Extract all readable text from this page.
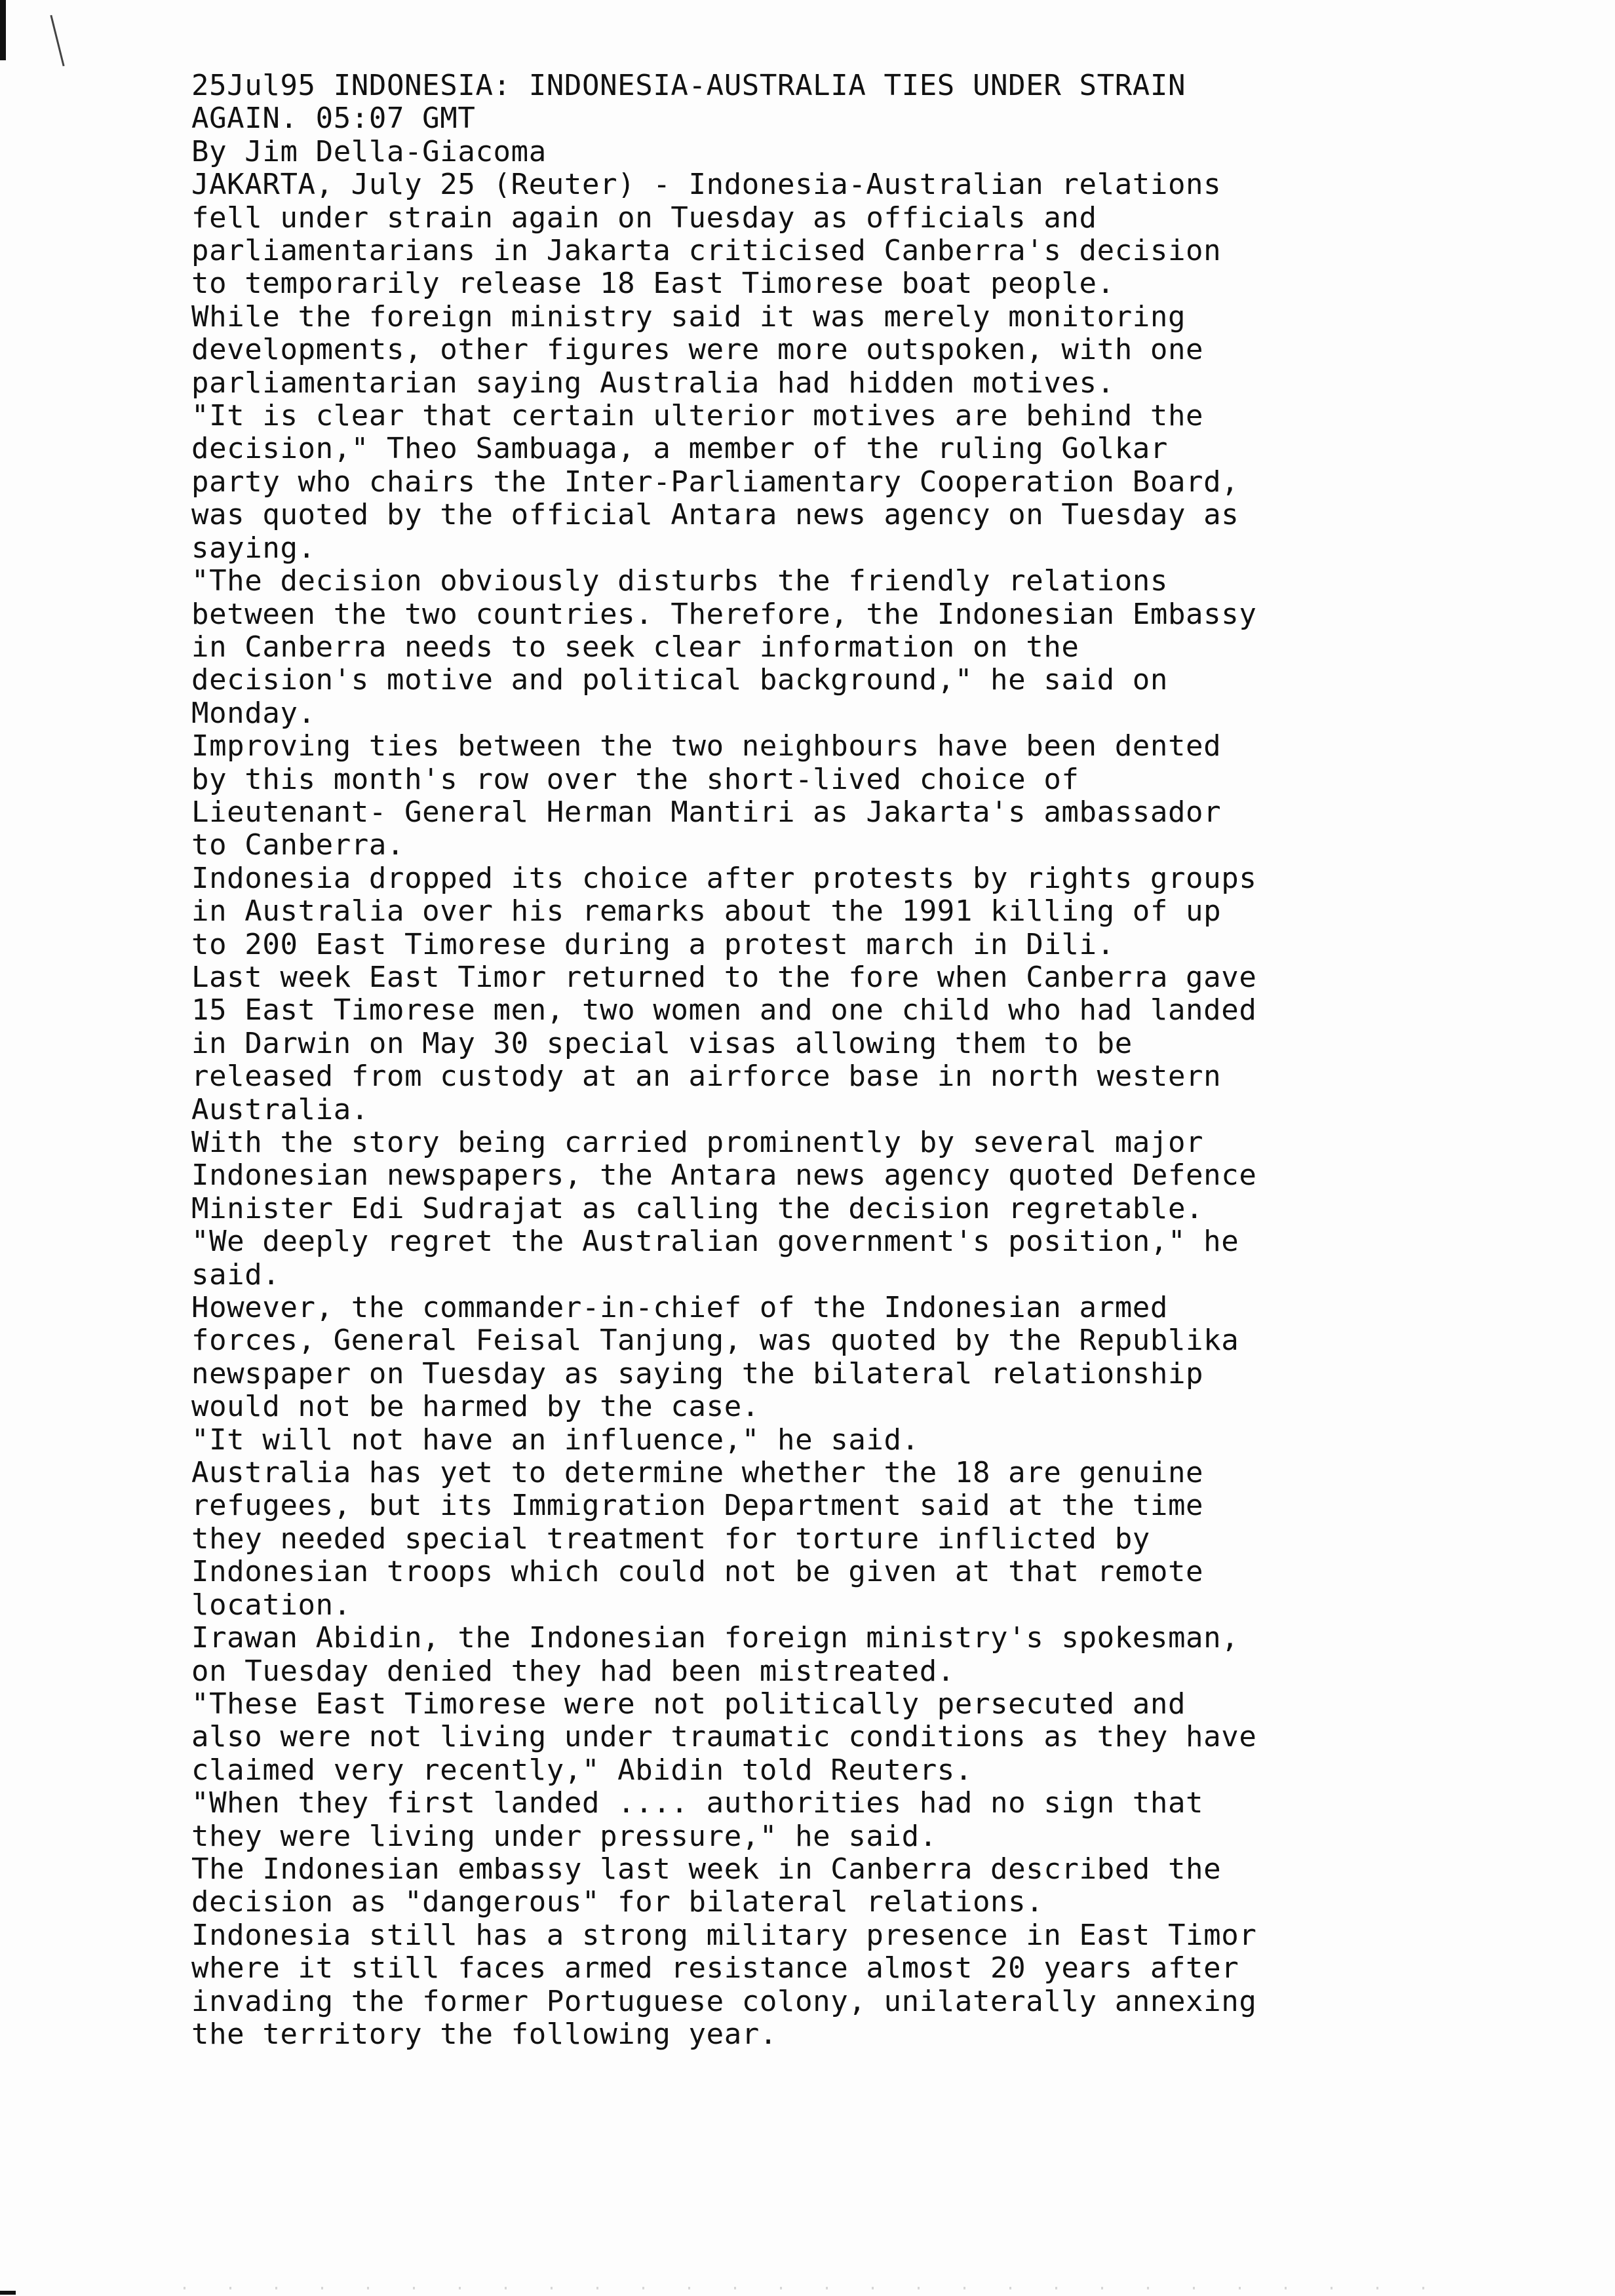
25Jul95 INDONESIA: INDONESIA-AUSTRALIA TIES UNDER STRAIN
AGAIN. 05:07 GMT
By Jim Della-Giacoma
JAKARTA, July 25 (Reuter) - Indonesia-Australian relations
fell under strain again on Tuesday as officials and
parliamentarians in Jakarta criticised Canberra's decision
to temporarily release 18 East Timorese boat people.
While the foreign ministry said it was merely monitoring
developments, other figures were more outspoken, with one
parliamentarian saying Australia had hidden motives.
"It is clear that certain ulterior motives are behind the
decision," Theo Sambuaga, a member of the ruling Golkar
party who chairs the Inter-Parliamentary Cooperation Board,
was quoted by the official Antara news agency on Tuesday as
saying.
"The decision obviously disturbs the friendly relations
between the two countries. Therefore, the Indonesian Embassy
in Canberra needs to seek clear information on the
decision's motive and political background," he said on
Monday.
Improving ties between the two neighbours have been dented
by this month's row over the short-lived choice of
Lieutenant- General Herman Mantiri as Jakarta's ambassador
to Canberra.
Indonesia dropped its choice after protests by rights groups
in Australia over his remarks about the 1991 killing of up
to 200 East Timorese during a protest march in Dili.
Last week East Timor returned to the fore when Canberra gave
15 East Timorese men, two women and one child who had landed
in Darwin on May 30 special visas allowing them to be
released from custody at an airforce base in north western
Australia.
With the story being carried prominently by several major
Indonesian newspapers, the Antara news agency quoted Defence
Minister Edi Sudrajat as calling the decision regretable.
"We deeply regret the Australian government's position," he
said.
However, the commander-in-chief of the Indonesian armed
forces, General Feisal Tanjung, was quoted by the Republika
newspaper on Tuesday as saying the bilateral relationship
would not be harmed by the case.
"It will not have an influence," he said.
Australia has yet to determine whether the 18 are genuine
refugees, but its Immigration Department said at the time
they needed special treatment for torture inflicted by
Indonesian troops which could not be given at that remote
location.
Irawan Abidin, the Indonesian foreign ministry's spokesman,
on Tuesday denied they had been mistreated.
"These East Timorese were not politically persecuted and
also were not living under traumatic conditions as they have
claimed very recently," Abidin told Reuters.
"When they first landed .... authorities had no sign that
they were living under pressure," he said.
The Indonesian embassy last week in Canberra described the
decision as "dangerous" for bilateral relations.
Indonesia still has a strong military presence in East Timor
where it still faces armed resistance almost 20 years after
invading the former Portuguese colony, unilaterally annexing
the territory the following year.
